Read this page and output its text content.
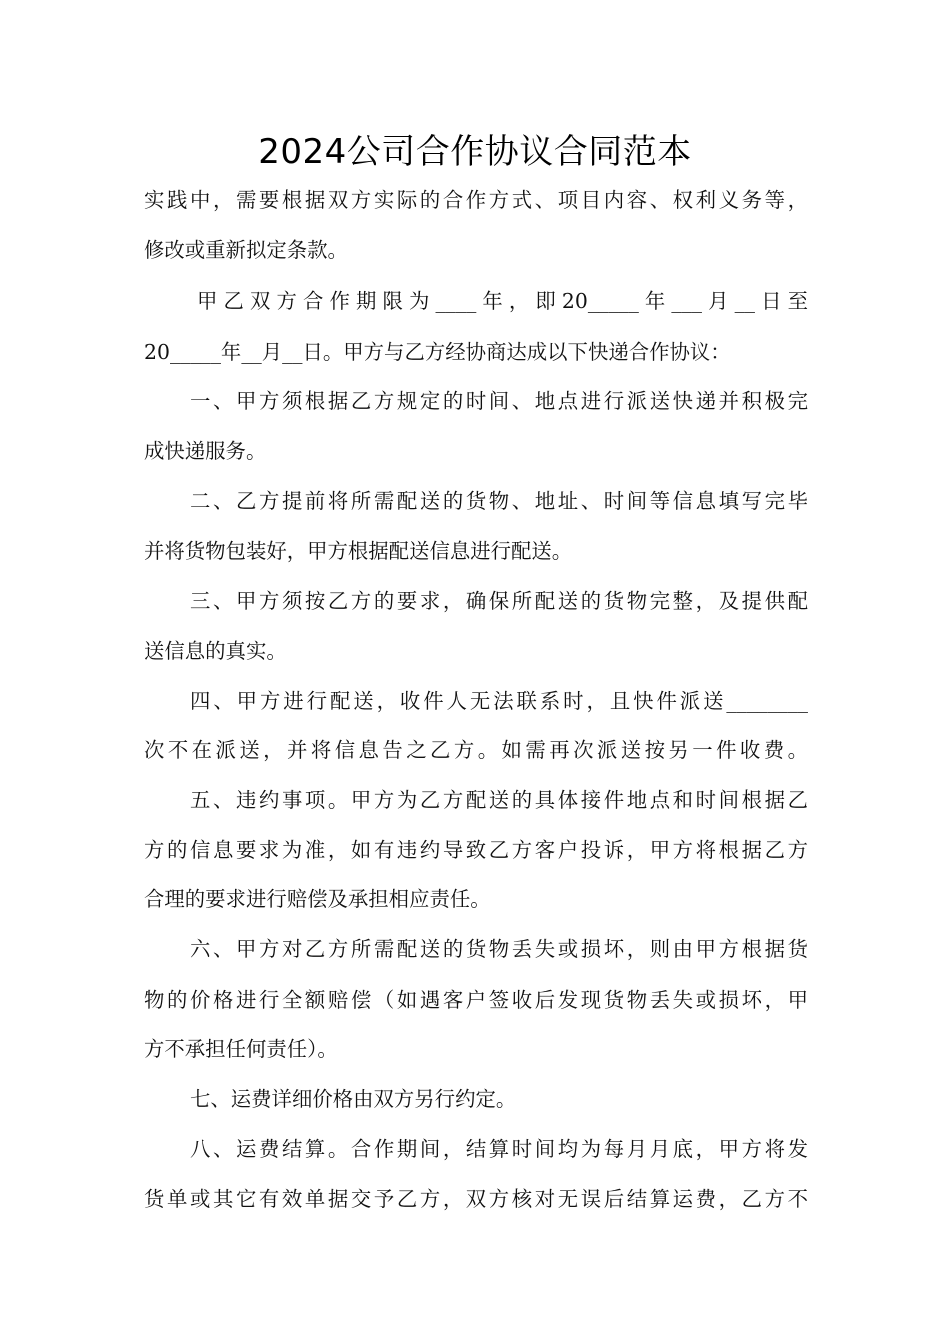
2024公司合作协议合同范本
实践中，需要根据双方实际的合作方式、项目内容、权利义务等，
修改或重新拟定条款。
甲乙双方合作期限为____年，即20_____年___月__日至
20_____年__月__日。甲方与乙方经协商达成以下快递合作协议：
一、甲方须根据乙方规定的时间、地点进行派送快递并积极完
成快递服务。
二、乙方提前将所需配送的货物、地址、时间等信息填写完毕
并将货物包装好，甲方根据配送信息进行配送。
三、甲方须按乙方的要求，确保所配送的货物完整，及提供配
送信息的真实。
四、甲方进行配送，收件人无法联系时，且快件派送________
次不在派送，并将信息告之乙方。如需再次派送按另一件收费。
五、违约事项。甲方为乙方配送的具体接件地点和时间根据乙
方的信息要求为准，如有违约导致乙方客户投诉，甲方将根据乙方
合理的要求进行赔偿及承担相应责任。
六、甲方对乙方所需配送的货物丢失或损坏，则由甲方根据货
物的价格进行全额赔偿（如遇客户签收后发现货物丢失或损坏，甲
方不承担任何责任）。
七、运费详细价格由双方另行约定。
八、运费结算。合作期间，结算时间均为每月月底，甲方将发
货单或其它有效单据交予乙方，双方核对无误后结算运费，乙方不
